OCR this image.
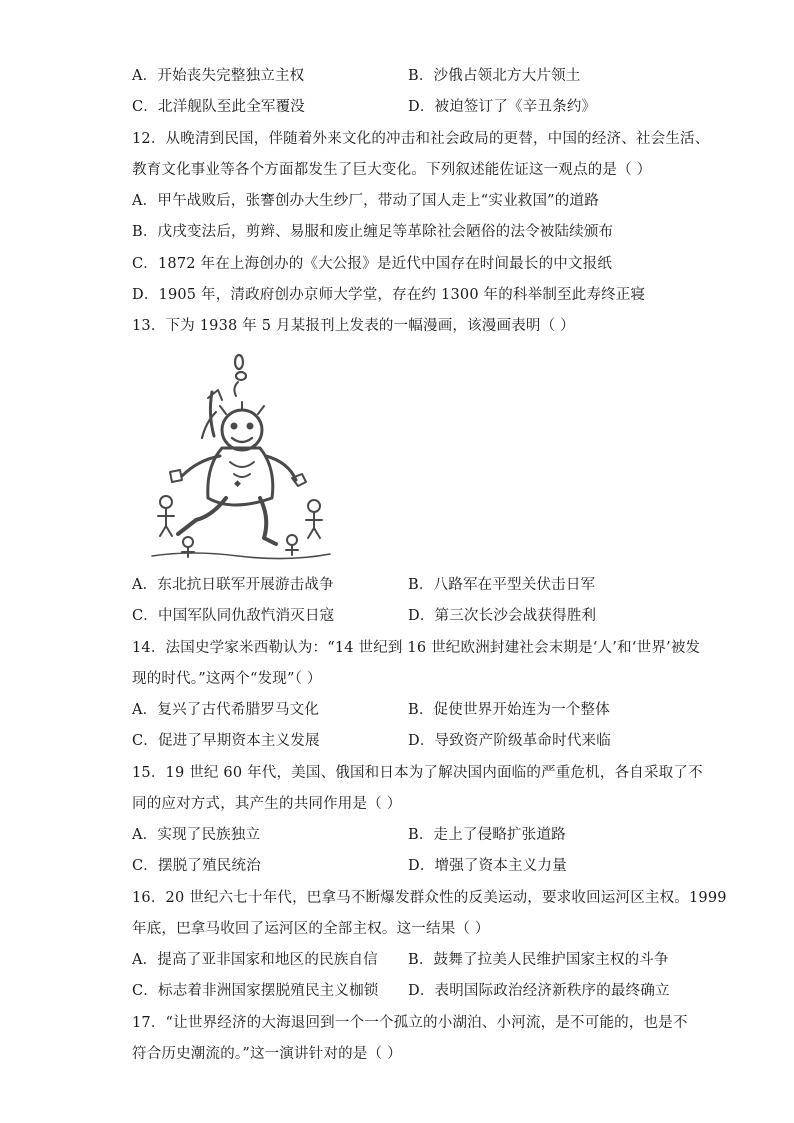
A．开始丧失完整独立主权	B．沙俄占领北方大片领土
C．北洋舰队至此全军覆没	D．被迫签订了《辛丑条约》
12．从晚清到民国，伴随着外来文化的冲击和社会政局的更替，中国的经济、社会生活、
教育文化事业等各个方面都发生了巨大变化。下列叙述能佐证这一观点的是（ ）
A．甲午战败后，张謇创办大生纱厂，带动了国人走上“实业救国”的道路
B．戊戌变法后，剪辫、易服和废止缠足等革除社会陋俗的法令被陆续颁布
C．1872 年在上海创办的《大公报》是近代中国存在时间最长的中文报纸
D．1905 年，清政府创办京师大学堂，存在约 1300 年的科举制至此寿终正寝
13．下为 1938 年 5 月某报刊上发表的一幅漫画，该漫画表明（ ）
◆
A．东北抗日联军开展游击战争	B．八路军在平型关伏击日军
C．中国军队同仇敌忾消灭日寇	D．第三次长沙会战获得胜利
14．法国史学家米西勒认为：“14 世纪到 16 世纪欧洲封建社会末期是‘人’和‘世界’被发
现的时代。”这两个“发现”（ ）
A．复兴了古代希腊罗马文化	B．促使世界开始连为一个整体
C．促进了早期资本主义发展	D．导致资产阶级革命时代来临
15．19 世纪 60 年代，美国、俄国和日本为了解决国内面临的严重危机，各自采取了不
同的应对方式，其产生的共同作用是（ ）
A．实现了民族独立	B．走上了侵略扩张道路
C．摆脱了殖民统治	D．增强了资本主义力量
16．20 世纪六七十年代，巴拿马不断爆发群众性的反美运动，要求收回运河区主权。1999
年底，巴拿马收回了运河区的全部主权。这一结果（ ）
A．提高了亚非国家和地区的民族自信 B．鼓舞了拉美人民维护国家主权的斗争
C．标志着非洲国家摆脱殖民主义枷锁 D．表明国际政治经济新秩序的最终确立
17．“让世界经济的大海退回到一个一个孤立的小湖泊、小河流，是不可能的，也是不
符合历史潮流的。”这一演讲针对的是（ ）
